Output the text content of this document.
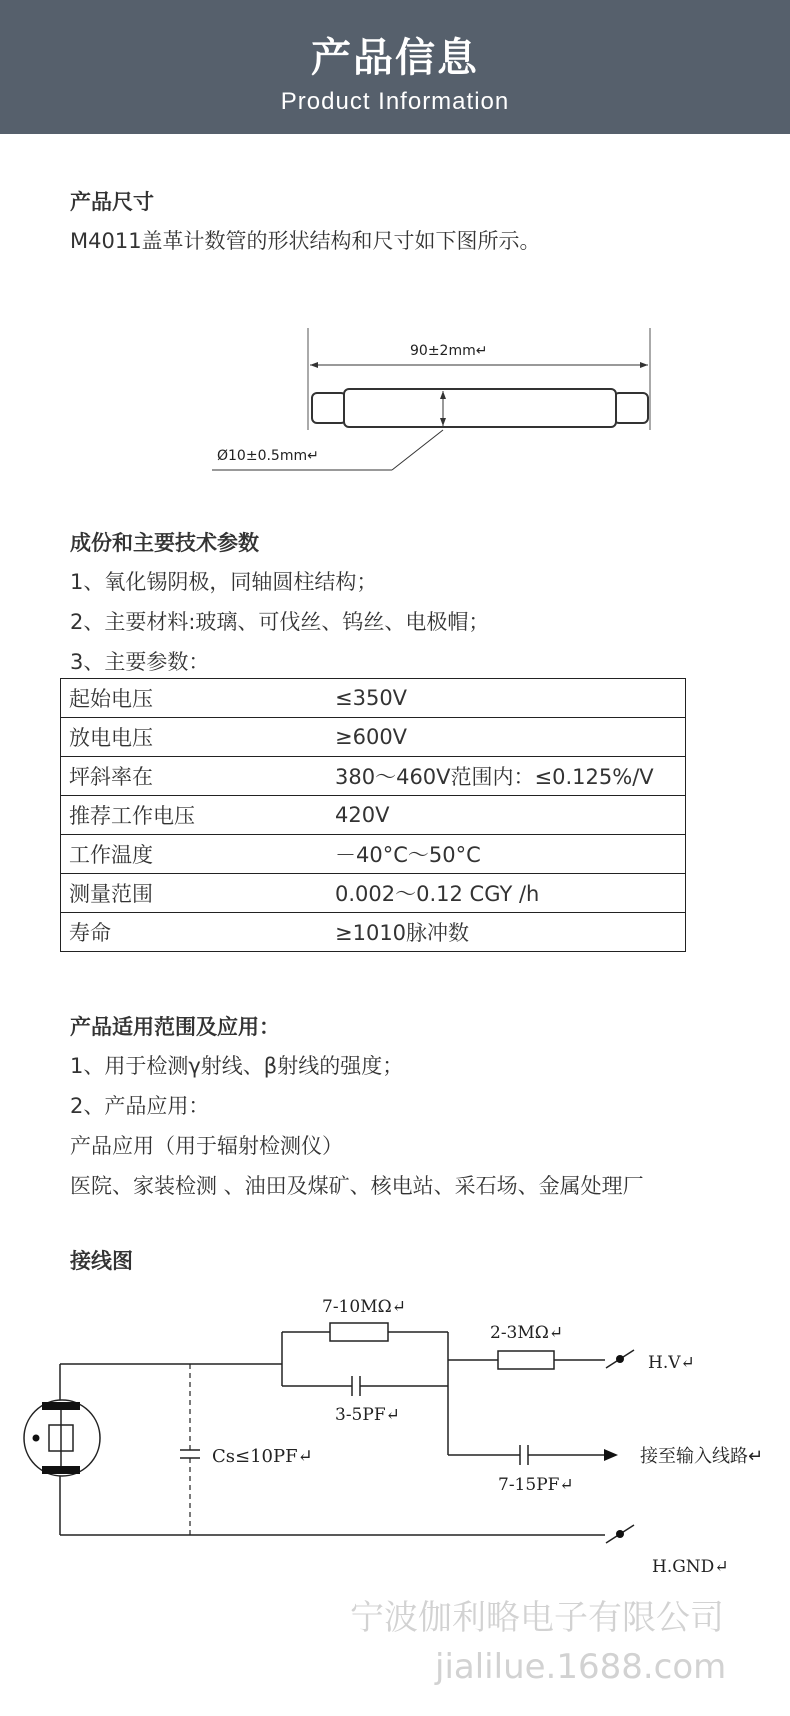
产品信息
Product Information
产品尺寸
M4011盖革计数管的形状结构和尺寸如下图所示。
90±2mm↵
Ø10±0.5mm↵
成份和主要技术参数
1、氧化锡阴极，同轴圆柱结构；
2、主要材料:玻璃、可伐丝、钨丝、电极帽；
3、主要参数：
起始电压	≤350V
放电电压	≥600V
坪斜率在	380～460V范围内：≤0.125%/V
推荐工作电压	420V
工作温度	－40°C～50°C
测量范围	0.002～0.12 CGY /h
寿命	≥1010脉冲数
产品适用范围及应用：
1、用于检测γ射线、β射线的强度；
2、产品应用：
产品应用（用于辐射检测仪）
医院、家装检测 、油田及煤矿、核电站、采石场、金属处理厂
接线图
7-10MΩ↵
3-5PF↵
2-3MΩ↵
H.V↵
7-15PF↵
接至输入线路↵
Cs≤10PF↵
H.GND↵
宁波伽利略电子有限公司
jialilue.1688.com
